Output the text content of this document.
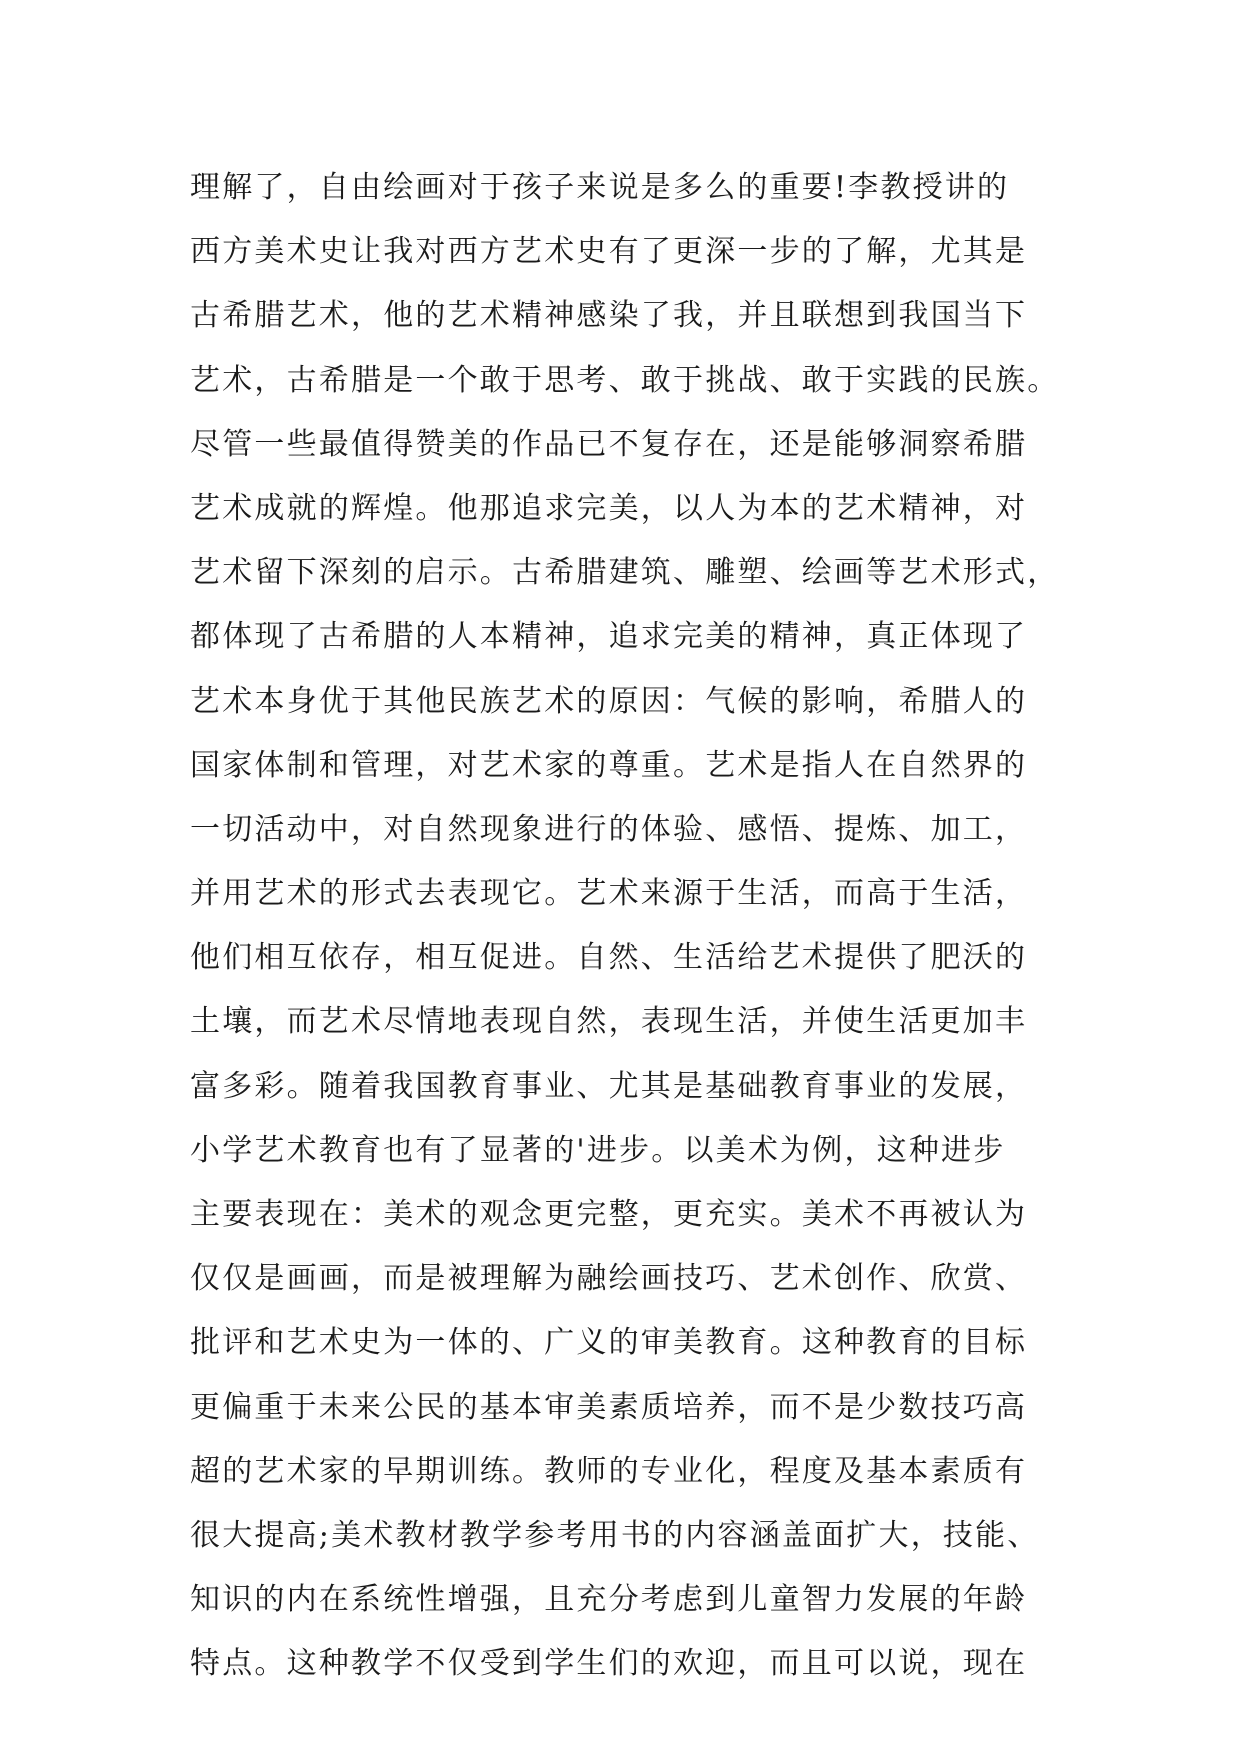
理解了，自由绘画对于孩子来说是多么的重要!李教授讲的
西方美术史让我对西方艺术史有了更深一步的了解，尤其是
古希腊艺术，他的艺术精神感染了我，并且联想到我国当下
艺术，古希腊是一个敢于思考、敢于挑战、敢于实践的民族。
尽管一些最值得赞美的作品已不复存在，还是能够洞察希腊
艺术成就的辉煌。他那追求完美，以人为本的艺术精神，对
艺术留下深刻的启示。古希腊建筑、雕塑、绘画等艺术形式，
都体现了古希腊的人本精神，追求完美的精神，真正体现了
艺术本身优于其他民族艺术的原因：气候的影响，希腊人的
国家体制和管理，对艺术家的尊重。艺术是指人在自然界的
一切活动中，对自然现象进行的体验、感悟、提炼、加工，
并用艺术的形式去表现它。艺术来源于生活，而高于生活，
他们相互依存，相互促进。自然、生活给艺术提供了肥沃的
土壤，而艺术尽情地表现自然，表现生活，并使生活更加丰
富多彩。随着我国教育事业、尤其是基础教育事业的发展，
小学艺术教育也有了显著的'进步。以美术为例，这种进步
主要表现在：美术的观念更完整，更充实。美术不再被认为
仅仅是画画，而是被理解为融绘画技巧、艺术创作、欣赏、
批评和艺术史为一体的、广义的审美教育。这种教育的目标
更偏重于未来公民的基本审美素质培养，而不是少数技巧高
超的艺术家的早期训练。教师的专业化，程度及基本素质有
很大提高;美术教材教学参考用书的内容涵盖面扩大，技能、
知识的内在系统性增强，且充分考虑到儿童智力发展的年龄
特点。这种教学不仅受到学生们的欢迎，而且可以说，现在
